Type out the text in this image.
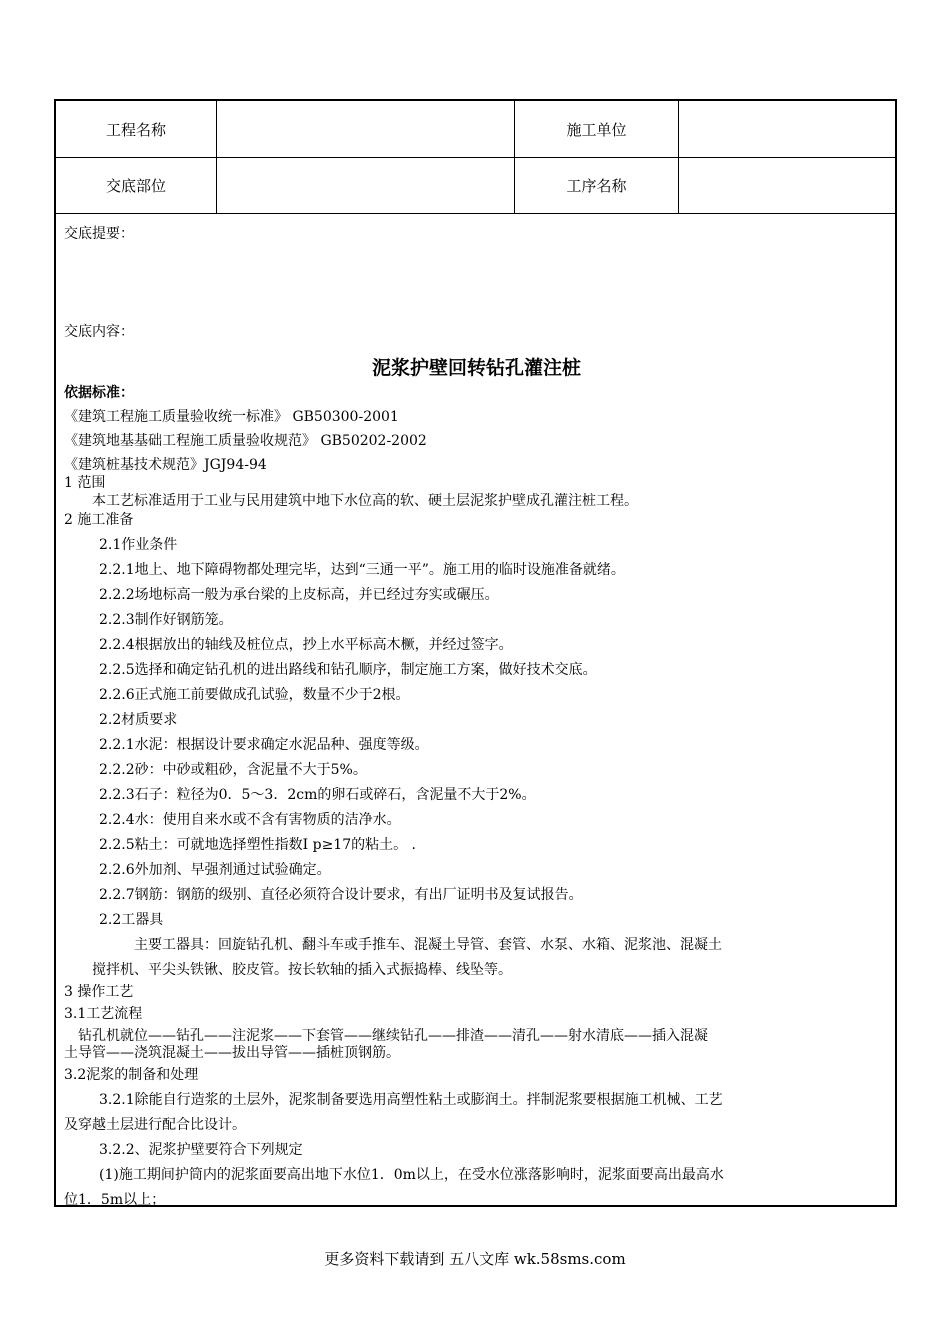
工程名称	施工单位
交底部位	工序名称
交底提要：
交底内容：
泥浆护壁回转钻孔灌注桩
依据标准：
《建筑工程施工质量验收统一标准》 GB50300-2001
《建筑地基基础工程施工质量验收规范》 GB50202-2002
《建筑桩基技术规范》JGJ94-94
1 范围
本工艺标准适用于工业与民用建筑中地下水位高的软、硬土层泥浆护壁成孔灌注桩工程。
2 施工准备
2.1作业条件
2.2.1地上、地下障碍物都处理完毕，达到“三通一平”。施工用的临时设施准备就绪。
2.2.2场地标高一般为承台梁的上皮标高，并已经过夯实或碾压。
2.2.3制作好钢筋笼。
2.2.4根据放出的轴线及桩位点，抄上水平标高木橛，并经过签字。
2.2.5选择和确定钻孔机的进出路线和钻孔顺序，制定施工方案，做好技术交底。
2.2.6正式施工前要做成孔试验，数量不少于2根。
2.2材质要求
2.2.1水泥：根据设计要求确定水泥品种、强度等级。
2.2.2砂：中砂或粗砂，含泥量不大于5%。
2.2.3石子：粒径为0．5～3．2cm的卵石或碎石，含泥量不大于2%。
2.2.4水：使用自来水或不含有害物质的洁净水。
2.2.5粘土：可就地选择塑性指数I p≥17的粘土。 .
2.2.6外加剂、早强剂通过试验确定。
2.2.7钢筋：钢筋的级别、直径必须符合设计要求，有出厂证明书及复试报告。
2.2工器具
主要工器具：回旋钻孔机、翻斗车或手推车、混凝土导管、套管、水泵、水箱、泥浆池、混凝土
搅拌机、平尖头铁锹、胶皮管。按长软轴的插入式振捣棒、线坠等。
3 操作工艺
3.1工艺流程
钻孔机就位——钻孔——注泥浆——下套管——继续钻孔——排渣——清孔——射水清底——插入混凝
土导管——浇筑混凝土——拔出导管——插桩顶钢筋。
3.2泥浆的制备和处理
3.2.1除能自行造浆的土层外，泥浆制备要选用高塑性粘土或膨润土。拌制泥浆要根据施工机械、工艺
及穿越土层进行配合比设计。
3.2.2、泥浆护壁要符合下列规定
(1)施工期间护筒内的泥浆面要高出地下水位1．0m以上，在受水位涨落影响时，泥浆面要高出最高水
位1．5m以上；
更多资料下载请到 五八文库 wk.58sms.com
